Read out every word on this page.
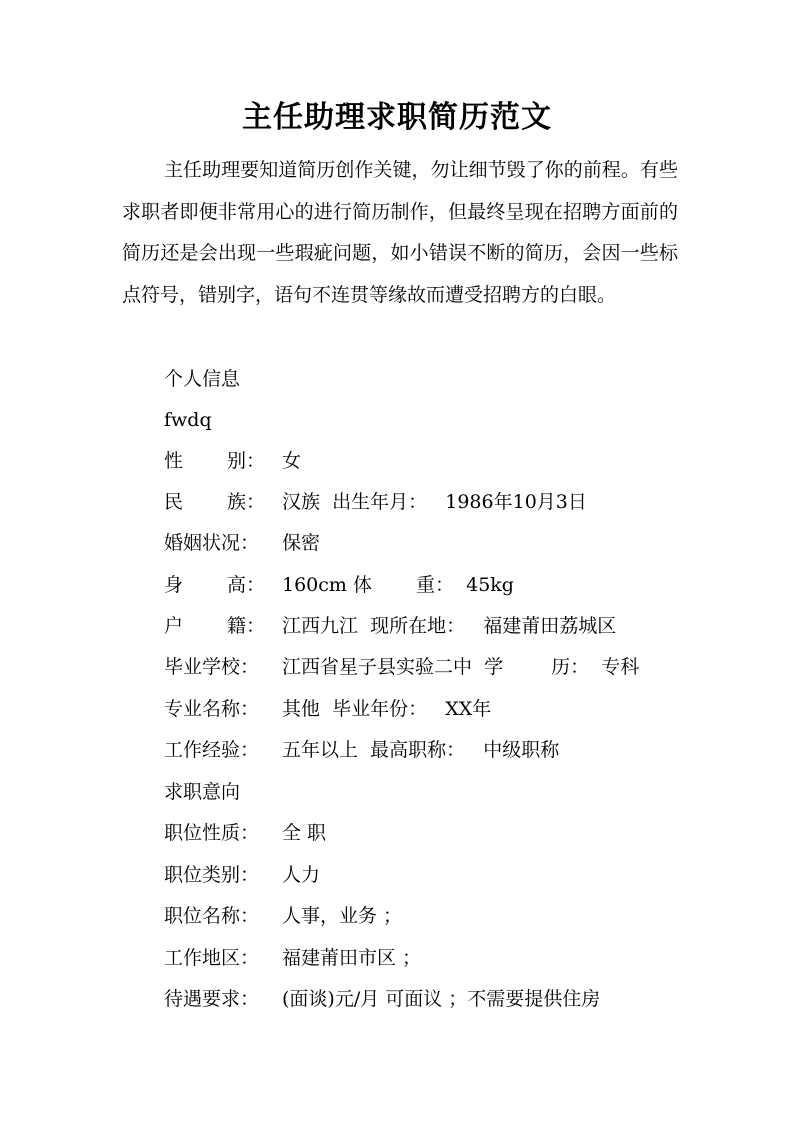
主任助理求职简历范文
主任助理要知道简历创作关键，勿让细节毁了你的前程。有些求职者即便非常用心的进行简历制作，但最终呈现在招聘方面前的简历还是会出现一些瑕疵问题，如小错误不断的简历，会因一些标点符号，错别字，语句不连贯等缘故而遭受招聘方的白眼。
个人信息
fwdq
性 别： 女
民 族： 汉族 出生年月： 1986年10月3日
婚姻状况：	保密
身 高： 160cm 体 重： 45kg
户 籍： 江西九江 现所在地： 福建莆田荔城区
毕业学校：	江西省星子县实验二中 学	历： 专科
专业名称：	其他 毕业年份： XX年
工作经验：	五年以上 最高职称： 中级职称
求职意向
职位性质：	全 职
职位类别：	人力
职位名称：	人事，业务 ；
工作地区：	福建莆田市区 ；
待遇要求：	(面谈)元/月 可面议 ；不需要提供住房
